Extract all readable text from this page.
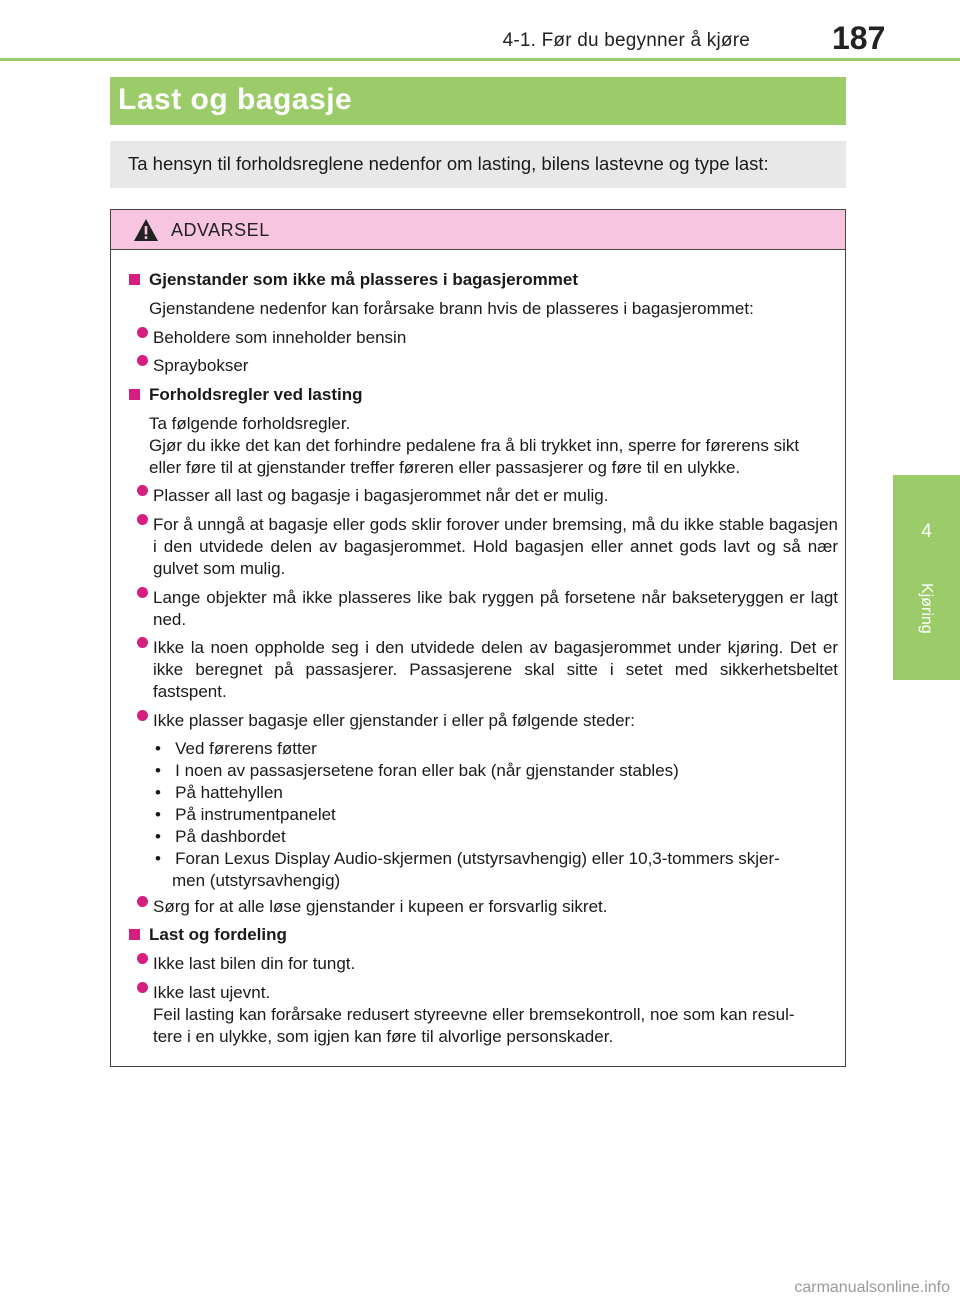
4-1. Før du begynner å kjøre	187
4
Kjøring
Last og bagasje
Ta hensyn til forholdsreglene nedenfor om lasting, bilens lastevne og type last:
ADVARSEL
Gjenstander som ikke må plasseres i bagasjerommet
Gjenstandene nedenfor kan forårsake brann hvis de plasseres i bagasjerommet:
Beholdere som inneholder bensin
Spraybokser
Forholdsregler ved lasting
Ta følgende forholdsregler.
Gjør du ikke det kan det forhindre pedalene fra å bli trykket inn, sperre for førerens sikt
eller føre til at gjenstander treffer føreren eller passasjerer og føre til en ulykke.
Plasser all last og bagasje i bagasjerommet når det er mulig.
For å unngå at bagasje eller gods sklir forover under bremsing, må du ikke stable bagasjen i den utvidede delen av bagasjerommet. Hold bagasjen eller annet gods lavt og så nær gulvet som mulig.
Lange objekter må ikke plasseres like bak ryggen på forsetene når bakseteryggen er lagt ned.
Ikke la noen oppholde seg i den utvidede delen av bagasjerommet under kjøring. Det er ikke beregnet på passasjerer. Passasjerene skal sitte i setet med sikkerhetsbeltet fastspent.
Ikke plasser bagasje eller gjenstander i eller på følgende steder:
•   Ved førerens føtter
•   I noen av passasjersetene foran eller bak (når gjenstander stables)
•   På hattehyllen
•   På instrumentpanelet
•   På dashbordet
•   Foran Lexus Display Audio-skjermen (utstyrsavhengig) eller 10,3-tommers skjer-
men (utstyrsavhengig)
Sørg for at alle løse gjenstander i kupeen er forsvarlig sikret.
Last og fordeling
Ikke last bilen din for tungt.
Ikke last ujevnt.
Feil lasting kan forårsake redusert styreevne eller bremsekontroll, noe som kan resul-
tere i en ulykke, som igjen kan føre til alvorlige personskader.
carmanualsonline.info
